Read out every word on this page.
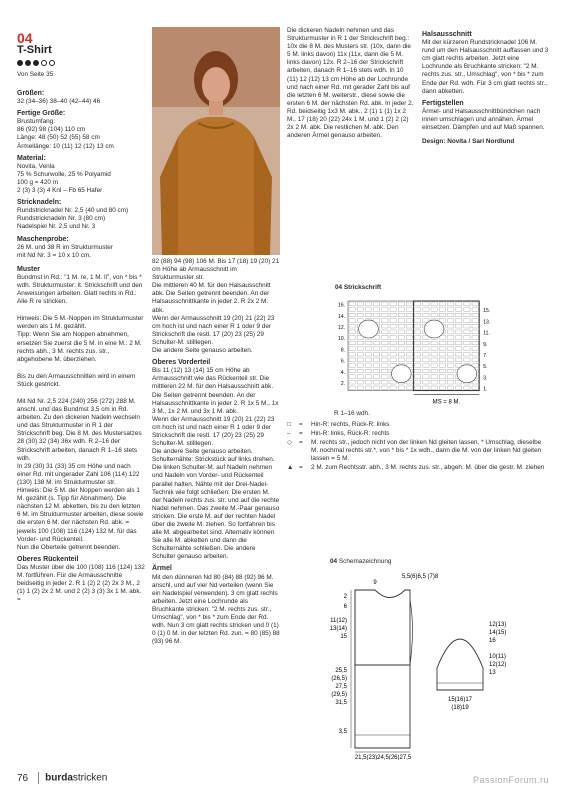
04
T-Shirt
Von Seite 35

Größen:

32 (34–36) 38–40 (42–44) 46

Fertige Größe:

Brustumfang:

86 (92) 98 (104) 110 cm

Länge: 48 (50) 52 (55) 58 cm

Ärmellänge: 10 (11) 12 (12) 13 cm

Material:

Novita, Venla

75 % Schurwolle, 25 % Polyamid

100 g = 420 m

2 (3) 3 (3) 4 Knl – Fb 65 Hafer

Stricknadeln:

Rundstricknadel Nr. 2,5 (40 und 80 cm)

Rundstricknadeln Nr. 3 (80 cm)

Nadelspiel Nr. 2,5 und Nr. 3

Maschenprobe:

26 M. und 38 R im Strukturmuster

mit Nd Nr. 3 = 10 x 10 cm.

Muster

Bundmst in Rd.: "1 M. re, 1 M. li", von * bis * wdh. Strukturmuster: lt. Strickschrift und den Anweisungen arbeiten. Glatt rechts in Rd.: Alle R re stricken.

Hinweis: Die 5 M.-Noppen im Strukturmuster werden als 1 M. gezählt.

Tipp: Wenn Sie am Noppen abnehmen, ersetzen Sie zuerst die 5 M. in eine M.: 2 M. rechts abh., 3 M. rechts zus. str., abgehobene M. überziehen.

Bis zu den Armausschnitten wird in einem Stück gestrickt.

Mit Nd Nr. 2,5 224 (240) 256 (272) 288 M. anschl. und das Bundmst 3,5 cm in Rd. arbeiten. Zu den dickeren Nadeln wechseln und das Strukturmuster in R 1 der Strickschrift beg. Die 8 M. des Mustersatzes 28 (30) 32 (34) 36x wdh. R 2–16 der Strickschrift arbeiten, danach R 1–16 stets wdh.

In 29 (30) 31 (33) 35 cm Höhe und nach einer Rd. mit ungerader Zahl 106 (114) 122 (130) 138 M. im Strukturmuster str.

Hinweis: Die 5 M. der Noppen werden als 1 M. gezählt (s. Tipp für Abnahmen). Die nächsten 12 M. abketten, bis zu den letzten 6 M. im Strukturmuster arbeiten, diese sowie die ersten 6 M. der nächsten Rd. abk. = jeweils 100 (108) 116 (124) 132 M. für das Vorder- und Rückenteil.

Nun die Oberteile getrennt beenden.

Oberes Rückenteil

Das Muster über die 100 (108) 116 (124) 132 M. fortführen. Für die Armausschnitte beidseitig in jeder 2. R 1 (2) 2 (2) 2x 3 M., 2 (1) 1 (2) 2x 2 M. und 2 (2) 3 (3) 3x 1 M. abk. =

82 (88) 94 (98) 106 M. Bis 17 (18) 19 (20) 21 cm Höhe ab Armausschnitt im Strukturmuster str.

Die mittleren 40 M. für den Halsausschnitt abk. Die Seiten getrennt beenden. An der Halsausschnittkante in jeder 2. R 2x 2 M. abk.

Wenn der Armausschnitt 19 (20) 21 (22) 23 cm hoch ist und nach einer R 1 oder 9 der Strickschrift die restl. 17 (20) 23 (25) 29 Schulter-M. stilllegen.

Die andere Seite genauso arbeiten.

Oberes Vorderteil

Bis 11 (12) 13 (14) 15 cm Höhe ab Armausschnitt wie das Rückenteil str. Die mittleren 22 M. für den Halsausschnitt abk. Die Seiten getrennt beenden. An der Halsausschnittkante in jeder 2. R 1x 5 M., 1x 3 M., 1x 2 M. und 3x 1 M. abk.

Wenn der Armausschnitt 19 (20) 21 (22) 23 cm hoch ist und nach einer R 1 oder 9 der Strickschrift die restl. 17 (20) 23 (25) 29 Schulter-M. stilllegen.

Die andere Seite genauso arbeiten. Schulternähte: Strickstück auf links drehen. Die linken Schulter-M. auf Nadeln nehmen und Nadeln von Vorder- und Rückenteil parallel halten. Nähte mit der Drei-Nadel-Technik wie folgt schließen: Die ersten M. der Nadeln rechts zus. str. und auf die rechte Nadel nehmen. Das zweite M.-Paar genauso stricken. Die erste M. auf der rechten Nadel über die zweite M. ziehen. So fortfahren bis alle M. abgearbeitet sind. Alternativ können Sie alle M. abketten und dann die Schulternähte schließen. Die andere Schulter genauso arbeiten.

Ärmel

Mit den dünneren Nd 80 (84) 88 (92) 96 M. anschl. und auf vier Nd verteilen (wenn Sie ein Nadelspiel verwenden). 3 cm glatt rechts arbeiten. Jetzt eine Lochrunde als Bruchkante stricken: "2 M. rechts zus. str., Umschlag", von * bis * zum Ende der Rd. wdh. Nun 3 cm glatt rechts stricken und 0 (1) 0 (1) 0 M. in der letzten Rd. zun. = 80 (85) 88 (93) 96 M.

Die dickeren Nadeln nehmen und das Strukturmuster in R 1 der Strickschrift beg.: 10x die 8 M. des Musters str. (10x, dann die 5 M. links davon) 11x (11x, dann die 5 M. links davon) 12x. R 2–16 der Strickschrift arbeiten, danach R 1–16 stets wdh. In 10 (11) 12 (12) 13 cm Höhe ab der Lochrunde und nach einer Rd. mit gerader Zahl bis auf die letzten 6 M. weiterstr., diese sowie die ersten 6 M. der nächsten Rd. abk. In jeder 2. Rd. beidseitig 1x3 M. abk., 2 (1) 1 (1) 1x 2 M., 17 (18) 20 (22) 24x 1 M. und 1 (2) 2 (2) 2x 2 M. abk. Die restlichen M. abk. Den anderen Ärmel genauso arbeiten.

Halsausschnitt

Mit der kürzeren Rundstricknadel 106 M. rund um den Halsausschnitt auffassen und 3 cm glatt rechts arbeiten. Jetzt eine Lochrunde als Bruchkante stricken: "2 M. rechts zus. str., Umschlag", von * bis * zum Ende der Rd. wdh. Für 3 cm glatt rechts str., dann abketten.

Fertigstellen

Ärmel- und Halsausschnittbündchen nach innen umschlagen und annähen. Ärmel einsetzen. Dämpfen und auf Maß spannen.

Design: Novita / Sari Nordlund

04 Strickschrift
16.
14.
12.
10.
8.
6.
4.
2.
15.
13.
11.
9.
7.
5.
3.
1.
MS = 8 M.
R 1–16 wdh.
□	=	Hin-R: rechts, Rück-R: links
–	=	Hin-R: links, Rück-R: rechts
◇	=	M. rechts str., jedoch nicht von der linken Nd gleiten lassen, * Umschlag, dieselbe M. nochmal rechts str.*, von * bis * 1x wdh., dann die M. von der linken Nd gleiten lassen = 5 M.
▲ =	2 M. zum Rechtsstr. abh., 3 M. rechts zus. str., abgeh. M. über die gestr. M. ziehen
04 Schemazeichnung
9
5,5(6)6,5 (7)8
2
6
11(12)
13(14)
15
25,5
(26,5)
27,5
(29,5)
31,5
3,5
21,5(23)24,5(26)27,5
12(13)
14(15)
16
10(11)
12(12)
13
15(16)17
(18)19
76 burdastricken	PassionForum.ru
